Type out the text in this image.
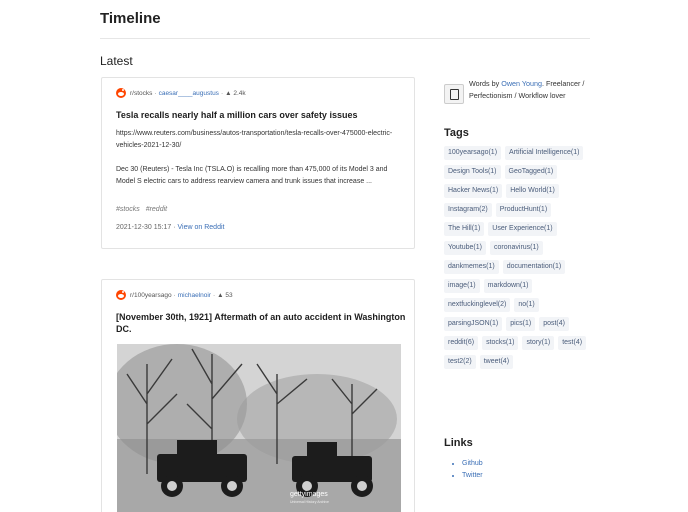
Timeline
Latest
r/stocks · caesar____augustus · ▲ 2.4k
Tesla recalls nearly half a million cars over safety issues
https://www.reuters.com/business/autos-transportation/tesla-recalls-over-475000-electric-vehicles-2021-12-30/
Dec 30 (Reuters) - Tesla Inc (TSLA.O) is recalling more than 475,000 of its Model 3 and Model S electric cars to address rearview camera and trunk issues that increase ...
#stocks #reddit
2021-12-30 15:17 · View on Reddit
r/100yearsago · michaelnoir · ▲ 53
[November 30th, 1921] Aftermath of an auto accident in Washington DC.
gettyimages
Universal History Archive
Words by Owen Young. Freelancer / Perfectionism / Workflow lover
Tags
100yearsago(1)	Artificial Intelligence(1)
Design Tools(1)	GeoTagged(1)
Hacker News(1)	Hello World(1)
Instagram(2)	ProductHunt(1)
The Hill(1)	User Experience(1)
Youtube(1)	coronavirus(1)
dankmemes(1)	documentation(1)
image(1)	markdown(1)
nextfuckinglevel(2)	no(1)
parsingJSON(1)	pics(1)	post(4)
reddit(6)	stocks(1)	story(1)	test(4)
test2(2)	tweet(4)
Links
• Github
• Twitter
